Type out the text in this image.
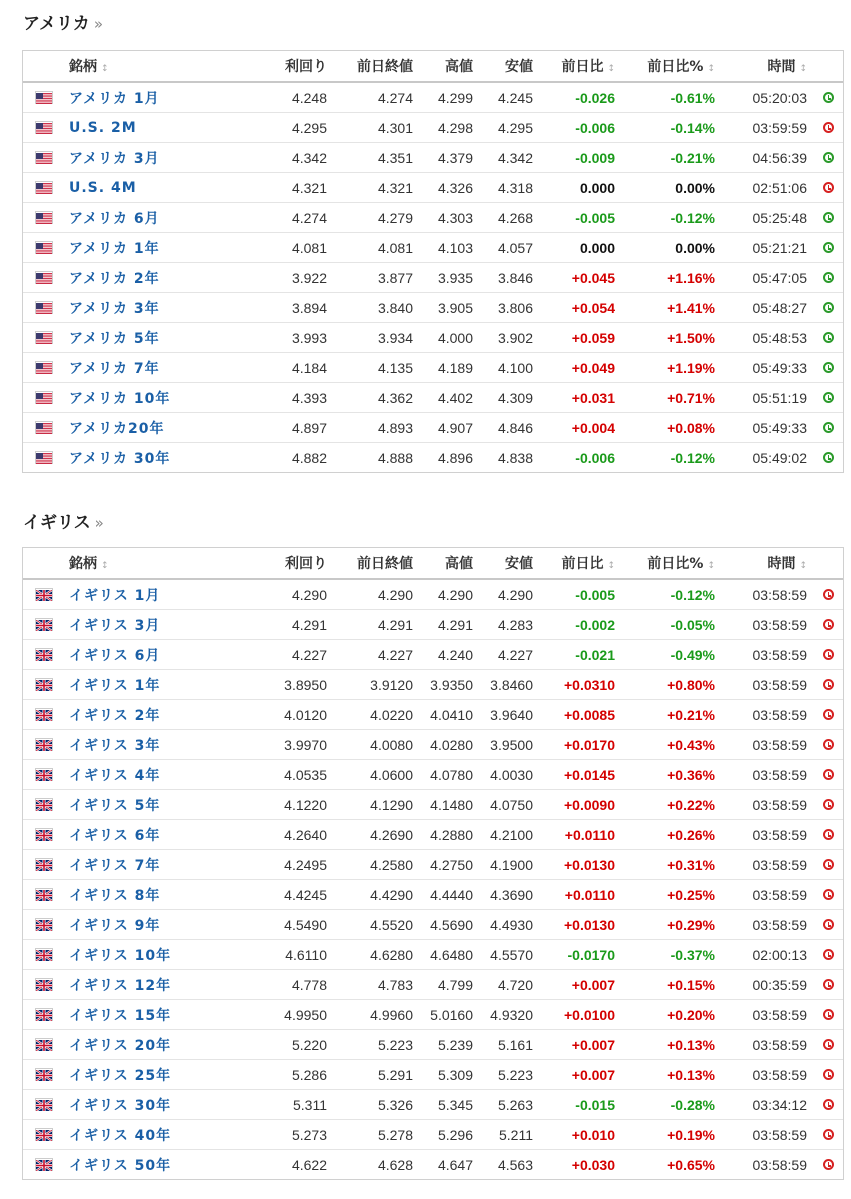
アメリカ »
	銘柄 ↕	利回り	前日終値	高値	安値	前日比 ↕	前日比% ↕	時間 ↕	
	アメリカ 1月	4.248	4.274	4.299	4.245	-0.026	-0.61%	05:20:03	
	U.S. 2M	4.295	4.301	4.298	4.295	-0.006	-0.14%	03:59:59	
	アメリカ 3月	4.342	4.351	4.379	4.342	-0.009	-0.21%	04:56:39	
	U.S. 4M	4.321	4.321	4.326	4.318	0.000	0.00%	02:51:06	
	アメリカ 6月	4.274	4.279	4.303	4.268	-0.005	-0.12%	05:25:48	
	アメリカ 1年	4.081	4.081	4.103	4.057	0.000	0.00%	05:21:21	
	アメリカ 2年	3.922	3.877	3.935	3.846	+0.045	+1.16%	05:47:05	
	アメリカ 3年	3.894	3.840	3.905	3.806	+0.054	+1.41%	05:48:27	
	アメリカ 5年	3.993	3.934	4.000	3.902	+0.059	+1.50%	05:48:53	
	アメリカ 7年	4.184	4.135	4.189	4.100	+0.049	+1.19%	05:49:33	
	アメリカ 10年	4.393	4.362	4.402	4.309	+0.031	+0.71%	05:51:19	
	アメリカ20年	4.897	4.893	4.907	4.846	+0.004	+0.08%	05:49:33	
	アメリカ 30年	4.882	4.888	4.896	4.838	-0.006	-0.12%	05:49:02	
イギリス »
	銘柄 ↕	利回り	前日終値	高値	安値	前日比 ↕	前日比% ↕	時間 ↕	
	イギリス 1月	4.290	4.290	4.290	4.290	-0.005	-0.12%	03:58:59	
	イギリス 3月	4.291	4.291	4.291	4.283	-0.002	-0.05%	03:58:59	
	イギリス 6月	4.227	4.227	4.240	4.227	-0.021	-0.49%	03:58:59	
	イギリス 1年	3.8950	3.9120	3.9350	3.8460	+0.0310	+0.80%	03:58:59	
	イギリス 2年	4.0120	4.0220	4.0410	3.9640	+0.0085	+0.21%	03:58:59	
	イギリス 3年	3.9970	4.0080	4.0280	3.9500	+0.0170	+0.43%	03:58:59	
	イギリス 4年	4.0535	4.0600	4.0780	4.0030	+0.0145	+0.36%	03:58:59	
	イギリス 5年	4.1220	4.1290	4.1480	4.0750	+0.0090	+0.22%	03:58:59	
	イギリス 6年	4.2640	4.2690	4.2880	4.2100	+0.0110	+0.26%	03:58:59	
	イギリス 7年	4.2495	4.2580	4.2750	4.1900	+0.0130	+0.31%	03:58:59	
	イギリス 8年	4.4245	4.4290	4.4440	4.3690	+0.0110	+0.25%	03:58:59	
	イギリス 9年	4.5490	4.5520	4.5690	4.4930	+0.0130	+0.29%	03:58:59	
	イギリス 10年	4.6110	4.6280	4.6480	4.5570	-0.0170	-0.37%	02:00:13	
	イギリス 12年	4.778	4.783	4.799	4.720	+0.007	+0.15%	00:35:59	
	イギリス 15年	4.9950	4.9960	5.0160	4.9320	+0.0100	+0.20%	03:58:59	
	イギリス 20年	5.220	5.223	5.239	5.161	+0.007	+0.13%	03:58:59	
	イギリス 25年	5.286	5.291	5.309	5.223	+0.007	+0.13%	03:58:59	
	イギリス 30年	5.311	5.326	5.345	5.263	-0.015	-0.28%	03:34:12	
	イギリス 40年	5.273	5.278	5.296	5.211	+0.010	+0.19%	03:58:59	
	イギリス 50年	4.622	4.628	4.647	4.563	+0.030	+0.65%	03:58:59	
